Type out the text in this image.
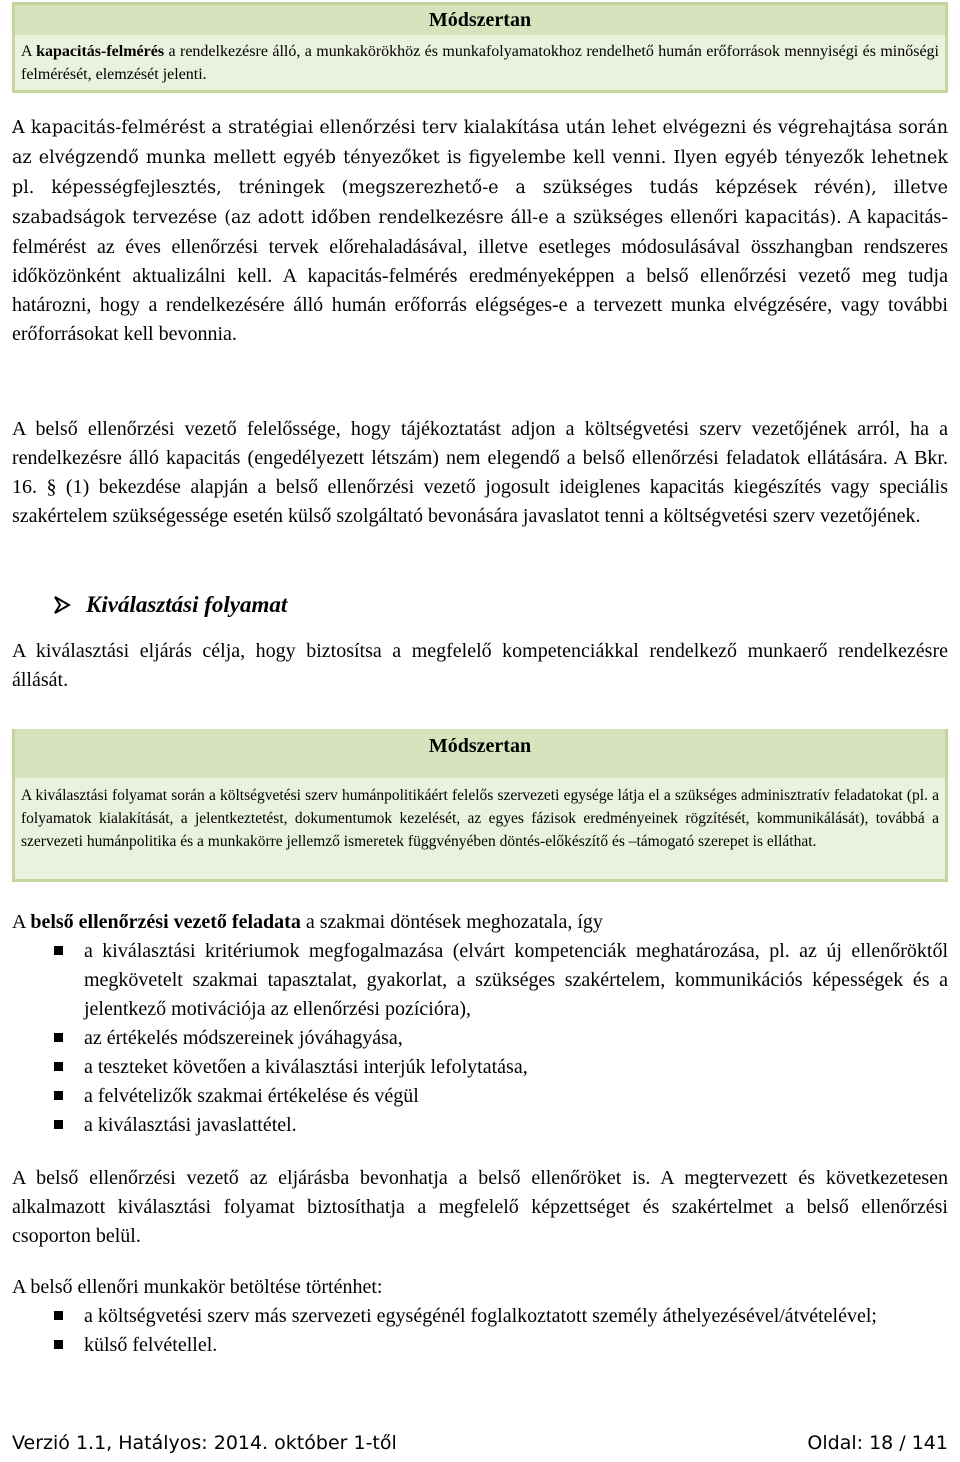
Módszertan
A kapacitás-felmérés a rendelkezésre álló, a munkakörökhöz és munkafolyamatokhoz rendelhető humán erőforrások mennyiségi és minőségi felmérését, elemzését jelenti.

A kapacitás-felmérést a stratégiai ellenőrzési terv kialakítása után lehet elvégezni és végrehajtása során az elvégzendő munka mellett egyéb tényezőket is figyelembe kell venni. Ilyen egyéb tényezők lehetnek pl. képességfejlesztés, tréningek (megszerezhető-e a szükséges tudás képzések révén), illetve szabadságok tervezése (az adott időben rendelkezésre áll-e a szükséges ellenőri kapacitás). A kapacitás-felmérést az éves ellenőrzési tervek előrehaladásával, illetve esetleges módosulásával összhangban rendszeres időközönként aktualizálni kell. A kapacitás-felmérés eredményeképpen a belső ellenőrzési vezető meg tudja határozni, hogy a rendelkezésére álló humán erőforrás elégséges-e a tervezett munka elvégzésére, vagy további erőforrásokat kell bevonnia.

A belső ellenőrzési vezető felelőssége, hogy tájékoztatást adjon a költségvetési szerv vezetőjének arról, ha a rendelkezésre álló kapacitás (engedélyezett létszám) nem elegendő a belső ellenőrzési feladatok ellátására. A Bkr. 16. § (1) bekezdése alapján a belső ellenőrzési vezető jogosult ideiglenes kapacitás kiegészítés vagy speciális szakértelem szükségessége esetén külső szolgáltató bevonására javaslatot tenni a költségvetési szerv vezetőjének.

Kiválasztási folyamat

A kiválasztási eljárás célja, hogy biztosítsa a megfelelő kompetenciákkal rendelkező munkaerő rendelkezésre állását.

Módszertan
A kiválasztási folyamat során a költségvetési szerv humánpolitikáért felelős szervezeti egysége látja el a szükséges adminisztratív feladatokat (pl. a folyamatok kialakítását, a jelentkeztetést, dokumentumok kezelését, az egyes fázisok eredményeinek rögzítését, kommunikálását), továbbá a szervezeti humánpolitika és a munkakörre jellemző ismeretek függvényében döntés-előkészítő és –támogató szerepet is elláthat.

A belső ellenőrzési vezető feladata a szakmai döntések meghozatala, így

a kiválasztási kritériumok megfogalmazása (elvárt kompetenciák meghatározása, pl. az új ellenőröktől megkövetelt szakmai tapasztalat, gyakorlat, a szükséges szakértelem, kommunikációs képességek és a jelentkező motivációja az ellenőrzési pozícióra),
az értékelés módszereinek jóváhagyása,
a teszteket követően a kiválasztási interjúk lefolytatása,
a felvételizők szakmai értékelése és végül
a kiválasztási javaslattétel.

A belső ellenőrzési vezető az eljárásba bevonhatja a belső ellenőröket is. A megtervezett és következetesen alkalmazott kiválasztási folyamat biztosíthatja a megfelelő képzettséget és szakértelmet a belső ellenőrzési csoporton belül.

A belső ellenőri munkakör betöltése történhet:

a költségvetési szerv más szervezeti egységénél foglalkoztatott személy áthelyezésével/átvételével;
külső felvétellel.
Verzió 1.1, Hatályos: 2014. október 1-től	Oldal: 18 / 141
